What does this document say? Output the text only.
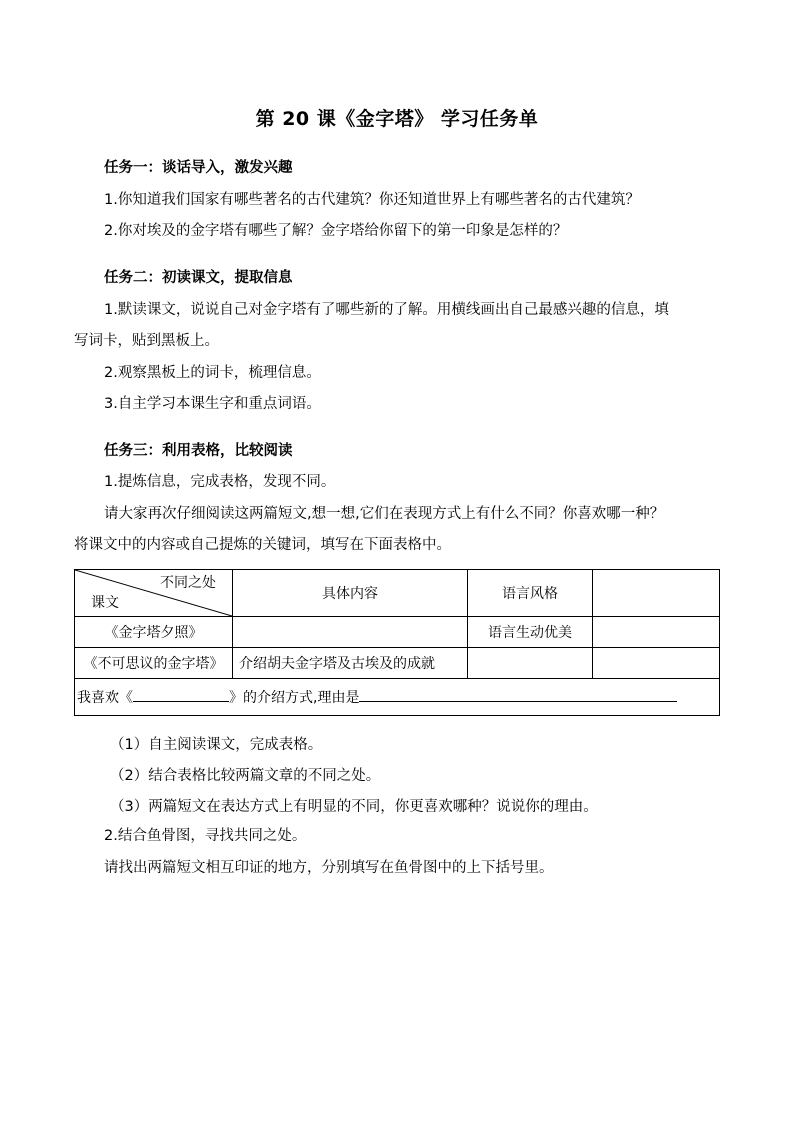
第 20 课《金字塔》 学习任务单
任务一：谈话导入，激发兴趣
1.你知道我们国家有哪些著名的古代建筑？你还知道世界上有哪些著名的古代建筑？
2.你对埃及的金字塔有哪些了解？金字塔给你留下的第一印象是怎样的？
任务二：初读课文，提取信息
1.默读课文，说说自己对金字塔有了哪些新的了解。用横线画出自己最感兴趣的信息，填
写词卡，贴到黑板上。
2.观察黑板上的词卡，梳理信息。
3.自主学习本课生字和重点词语。
任务三：利用表格，比较阅读
1.提炼信息，完成表格，发现不同。
请大家再次仔细阅读这两篇短文,想一想,它们在表现方式上有什么不同？你喜欢哪一种？
将课文中的内容或自己提炼的关键词，填写在下面表格中。
不同之处
课文	具体内容	语言风格	
《金字塔夕照》		语言生动优美	
《不可思议的金字塔》	介绍胡夫金字塔及古埃及的成就		
我喜欢《 》的介绍方式,理由是			
（1）自主阅读课文，完成表格。
（2）结合表格比较两篇文章的不同之处。
（3）两篇短文在表达方式上有明显的不同，你更喜欢哪种？说说你的理由。
2.结合鱼骨图，寻找共同之处。
请找出两篇短文相互印证的地方，分别填写在鱼骨图中的上下括号里。
